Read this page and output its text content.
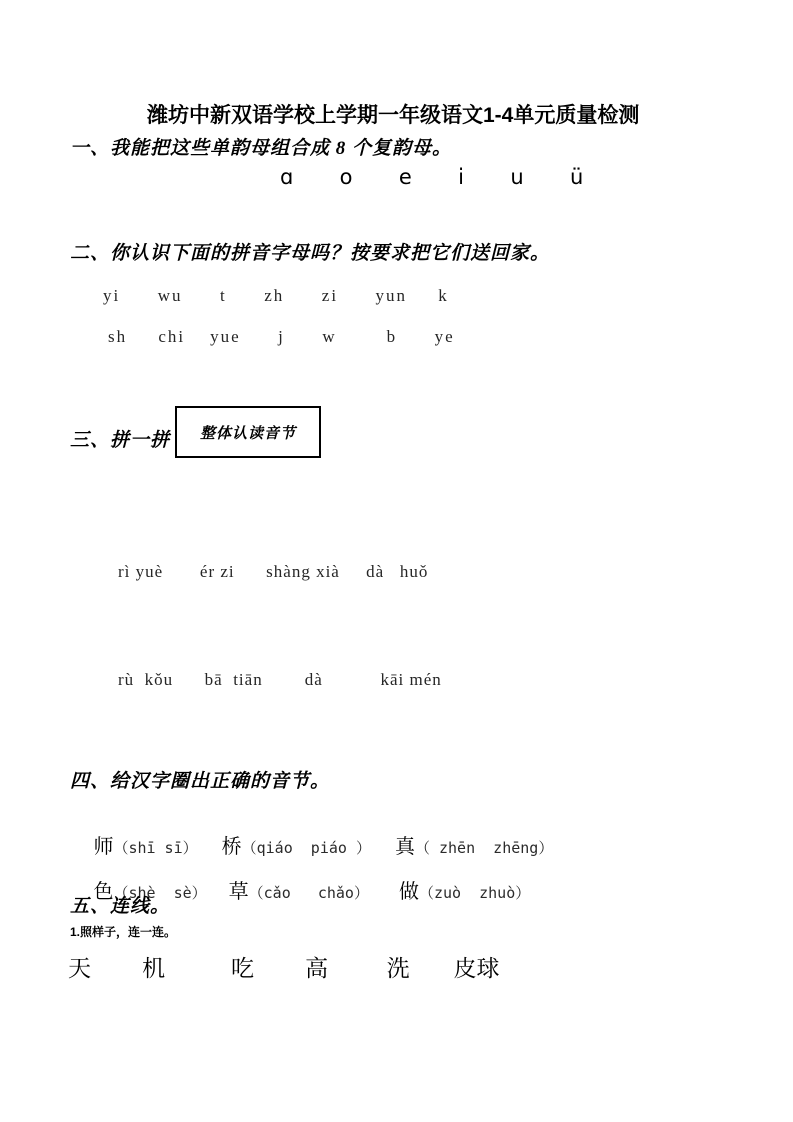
潍坊中新双语学校上学期一年级语文1-4单元质量检测
一、我能把这些单韵母组合成 8 个复韵母。
ɑ  o  e  i  u  ü
二、你认识下面的拼音字母吗？按要求把它们送回家。
yi      wu      t      zh      zi      yun     k
sh     chi    yue      j      w        b      ye
三、拼一拼 整体认读音节
rì yuè       ér zi      shàng xià     dà   huǒ
rù  kǒu      bā  tiān        dà           kāi mén
四、给汉字圈出正确的音节。

师（shī sī） 桥（qiáo  piáo ） 真（ zhēn  zhēng）

色（shè  sè） 草（cǎo   chǎo） 做（zuò  zhuò）

五、连线。
1.照样子，连一连。
天       机         吃       高        洗      皮球
